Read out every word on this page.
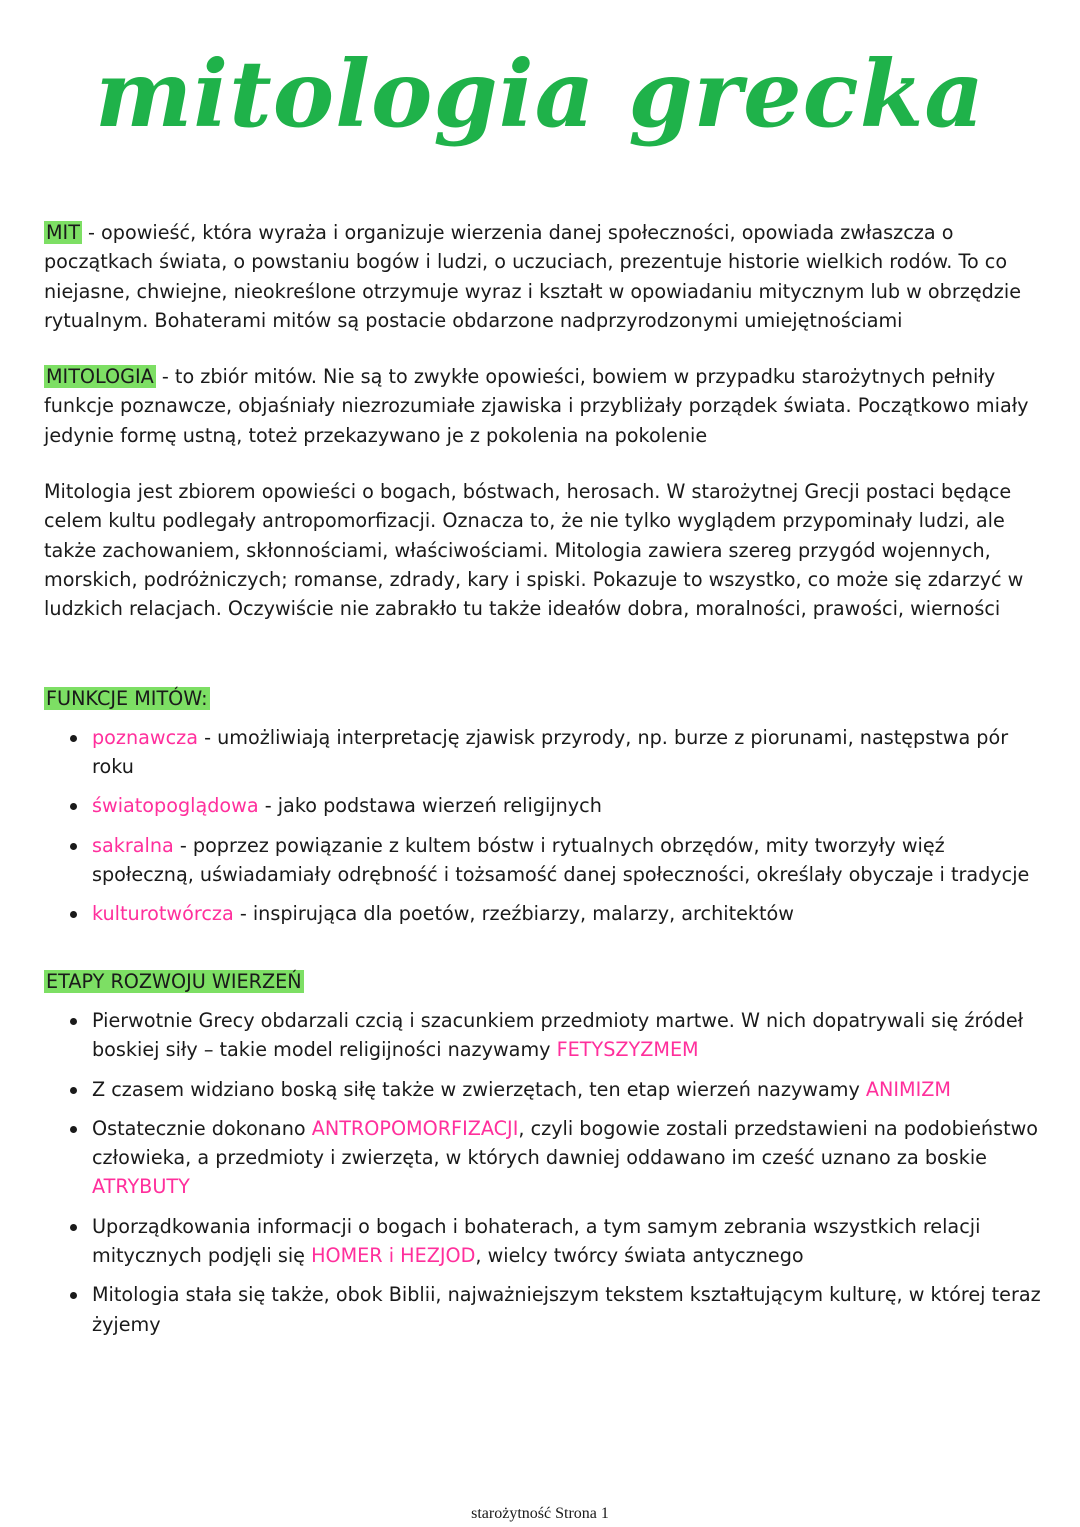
mitologia grecka

MIT - opowieść, która wyraża i organizuje wierzenia danej społeczności, opowiada zwłaszcza o początkach świata, o powstaniu bogów i ludzi, o uczuciach, prezentuje historie wielkich rodów. To co niejasne, chwiejne, nieokreślone otrzymuje wyraz i kształt w opowiadaniu mitycznym lub w obrzędzie rytualnym. Bohaterami mitów są postacie obdarzone nadprzyrodzonymi umiejętnościami

MITOLOGIA - to zbiór mitów. Nie są to zwykłe opowieści, bowiem w przypadku starożytnych pełniły funkcje poznawcze, objaśniały niezrozumiałe zjawiska i przybliżały porządek świata. Początkowo miały jedynie formę ustną, toteż przekazywano je z pokolenia na pokolenie

Mitologia jest zbiorem opowieści o bogach, bóstwach, herosach. W starożytnej Grecji postaci będące celem kultu podlegały antropomorfizacji. Oznacza to, że nie tylko wyglądem przypominały ludzi, ale także zachowaniem, skłonnościami, właściwościami. Mitologia zawiera szereg przygód wojennych, morskich, podróżniczych; romanse, zdrady, kary i spiski. Pokazuje to wszystko, co może się zdarzyć w ludzkich relacjach. Oczywiście nie zabrakło tu także ideałów dobra, moralności, prawości, wierności

FUNKCJE MITÓW:

poznawcza - umożliwiają interpretację zjawisk przyrody, np. burze z piorunami, następstwa pór roku
światopoglądowa - jako podstawa wierzeń religijnych
sakralna - poprzez powiązanie z kultem bóstw i rytualnych obrzędów, mity tworzyły więź społeczną, uświadamiały odrębność i tożsamość danej społeczności, określały obyczaje i tradycje
kulturotwórcza - inspirująca dla poetów, rzeźbiarzy, malarzy, architektów

ETAPY ROZWOJU WIERZEŃ

Pierwotnie Grecy obdarzali czcią i szacunkiem przedmioty martwe. W nich dopatrywali się źródeł boskiej siły – takie model religijności nazywamy FETYSZYZMEM
Z czasem widziano boską siłę także w zwierzętach, ten etap wierzeń nazywamy ANIMIZM
Ostatecznie dokonano ANTROPOMORFIZACJI, czyli bogowie zostali przedstawieni na podobieństwo człowieka, a przedmioty i zwierzęta, w których dawniej oddawano im cześć uznano za boskie ATRYBUTY
Uporządkowania informacji o bogach i bohaterach, a tym samym zebrania wszystkich relacji mitycznych podjęli się HOMER i HEZJOD, wielcy twórcy świata antycznego
Mitologia stała się także, obok Biblii, najważniejszym tekstem kształtującym kulturę, w której teraz żyjemy
starożytność Strona 1
